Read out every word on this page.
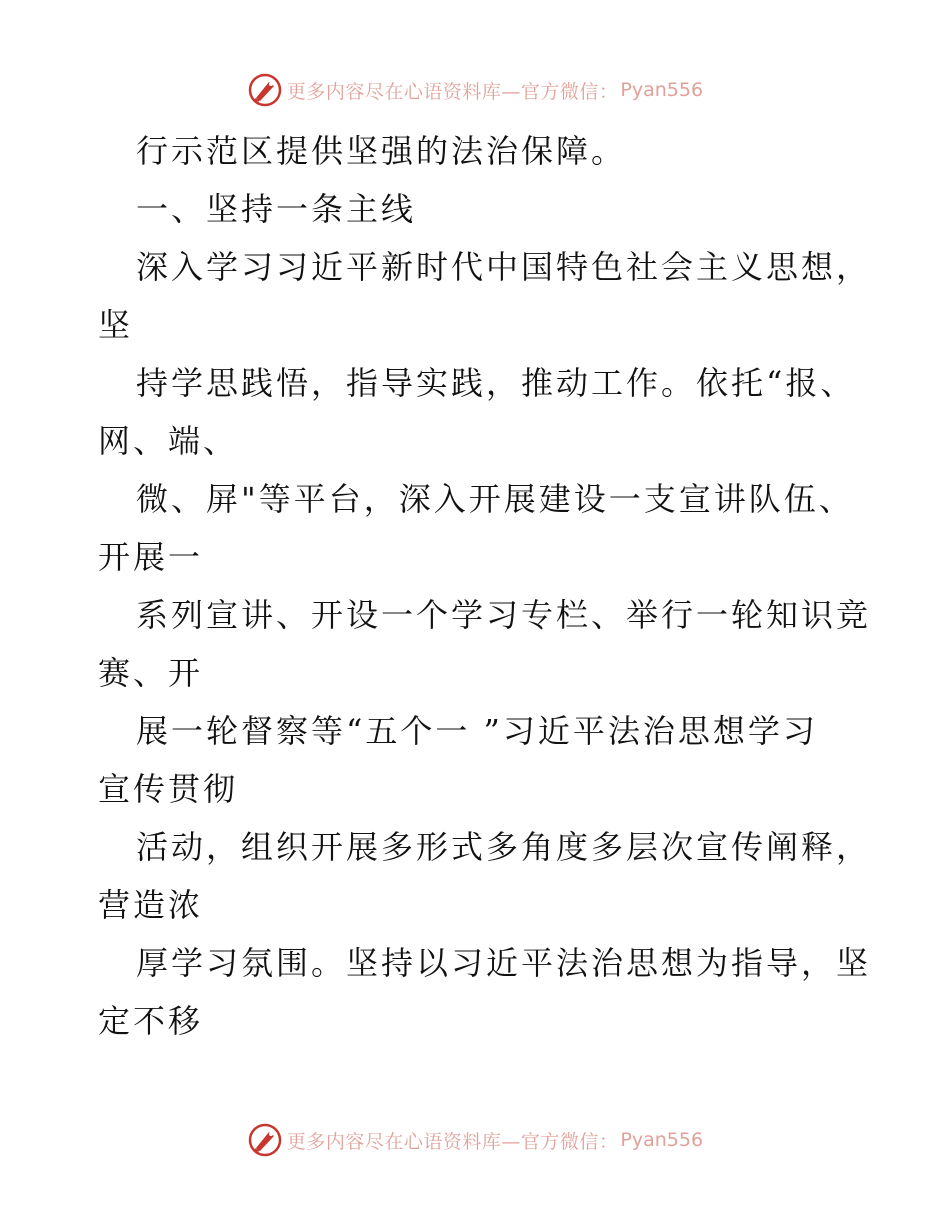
更多内容尽在心语资料库—官方微信： Pyan556
行示范区提供坚强的法治保障。
一、坚持一条主线
深入学习习近平新时代中国特色社会主义思想，
坚
持学思践悟，指导实践，推动工作。依托“报、
网、端、
微、屏"等平台，深入开展建设一支宣讲队伍、
开展一
系列宣讲、开设一个学习专栏、举行一轮知识竞
赛、开
展一轮督察等“五个一 ”习近平法治思想学习
宣传贯彻
活动，组织开展多形式多角度多层次宣传阐释，
营造浓
厚学习氛围。坚持以习近平法治思想为指导，坚
定不移
更多内容尽在心语资料库—官方微信： Pyan556
